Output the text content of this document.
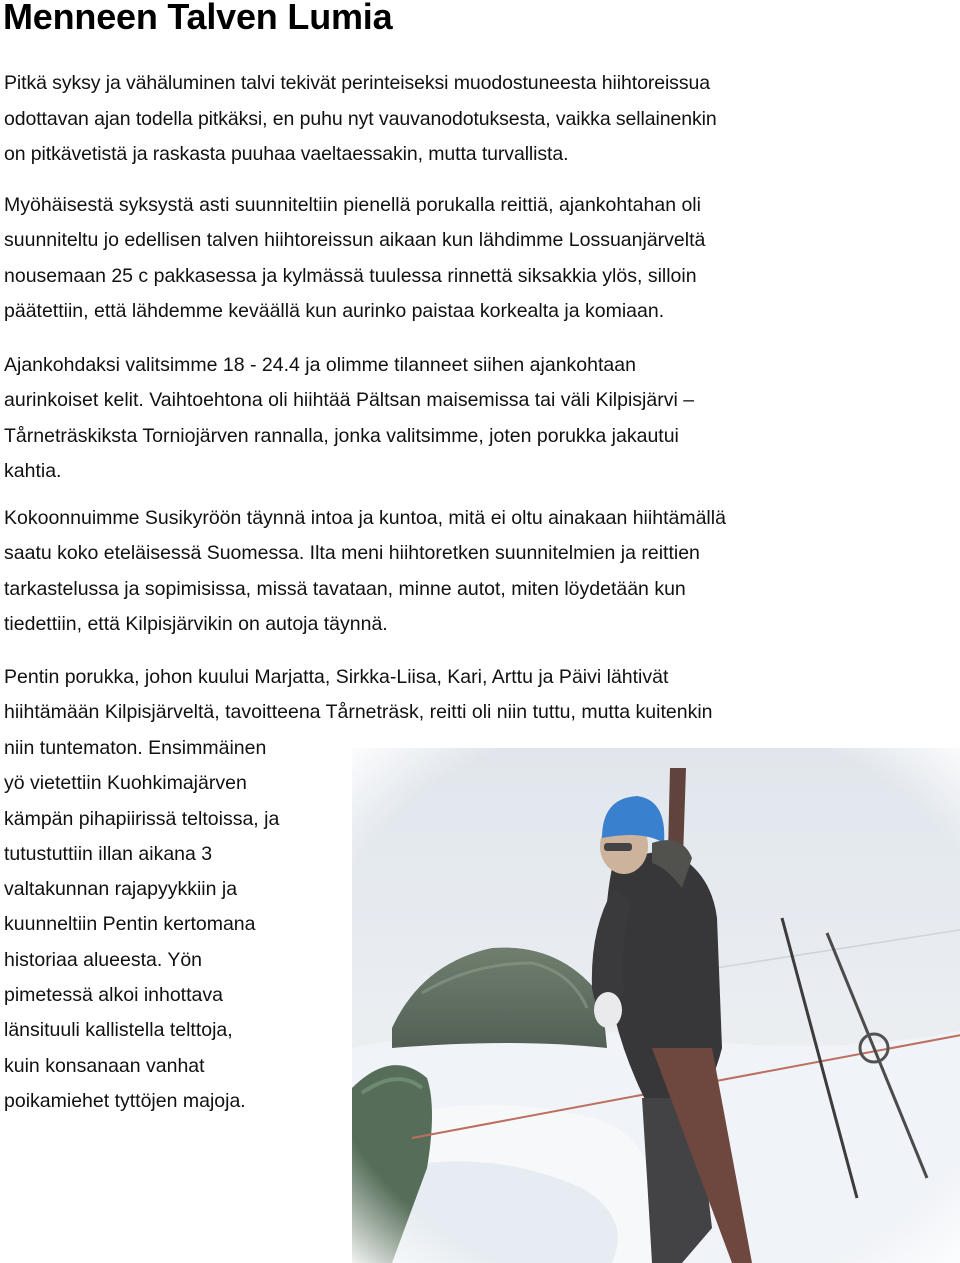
Menneen Talven Lumia

Pitkä syksy ja vähäluminen talvi tekivät perinteiseksi muodostuneesta hiihtoreissua
odottavan ajan todella pitkäksi, en puhu nyt vauvanodotuksesta, vaikka sellainenkin
on pitkävetistä ja raskasta puuhaa vaeltaessakin, mutta turvallista.

Myöhäisestä syksystä asti suunniteltiin pienellä porukalla reittiä, ajankohtahan oli
suunniteltu jo edellisen talven hiihtoreissun aikaan kun lähdimme Lossuanjärveltä
nousemaan 25 c pakkasessa ja kylmässä tuulessa rinnettä siksakkia ylös, silloin
päätettiin, että lähdemme keväällä kun aurinko paistaa korkealta ja komiaan.

Ajankohdaksi valitsimme 18 - 24.4 ja olimme tilanneet siihen ajankohtaan
aurinkoiset kelit. Vaihtoehtona oli hiihtää Pältsan maisemissa tai väli Kilpisjärvi –
Tårneträskiksta Torniojärven rannalla, jonka valitsimme, joten porukka jakautui
kahtia.

Kokoonnuimme Susikyröön täynnä intoa ja kuntoa, mitä ei oltu ainakaan hiihtämällä
saatu koko eteläisessä Suomessa. Ilta meni hiihtoretken suunnitelmien ja reittien
tarkastelussa ja sopimisissa, missä tavataan, minne autot, miten löydetään kun
tiedettiin, että Kilpisjärvikin on autoja täynnä.

Pentin porukka, johon kuului Marjatta, Sirkka-Liisa, Kari, Arttu ja Päivi lähtivät
hiihtämään Kilpisjärveltä, tavoitteena Tårneträsk, reitti oli niin tuttu, mutta kuitenkin

niin tuntematon. Ensimmäinen
yö vietettiin Kuohkimajärven
kämpän pihapiirissä teltoissa, ja
tutustuttiin illan aikana 3
valtakunnan rajapyykkiin ja
kuunneltiin Pentin kertomana
historiaa alueesta. Yön
pimetessä alkoi inhottava
länsituuli kallistella telttoja,
kuin konsanaan vanhat
poikamiehet tyttöjen majoja.
